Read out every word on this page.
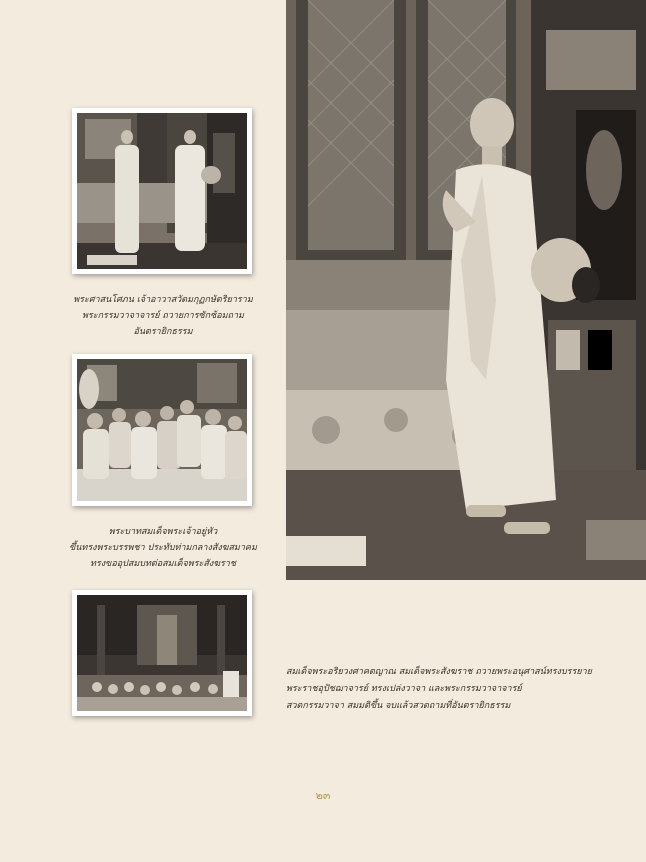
พระศาสนโศภน เจ้าอาวาสวัดมกุฏกษัตริยาราม
พระกรรมวาจาจารย์ ถวายการซักซ้อมถาม
อันตรายิกธรรม
พระบาทสมเด็จพระเจ้าอยู่หัว
ขึ้นทรงพระบรรพชา ประทับท่ามกลางสังฆสมาคม
ทรงขออุปสมบทต่อสมเด็จพระสังฆราช
สมเด็จพระอริยวงศาคตญาณ สมเด็จพระสังฆราช ถวายพระอนุศาสน์ทรงบรรยาย
พระราชอุปัชฌาจารย์ ทรงเปล่งวาจา และพระกรรมวาจาจารย์
สวดกรรมวาจา สมมติขึ้น จบแล้วสวดถามที่อันตรายิกธรรม
๒๓
